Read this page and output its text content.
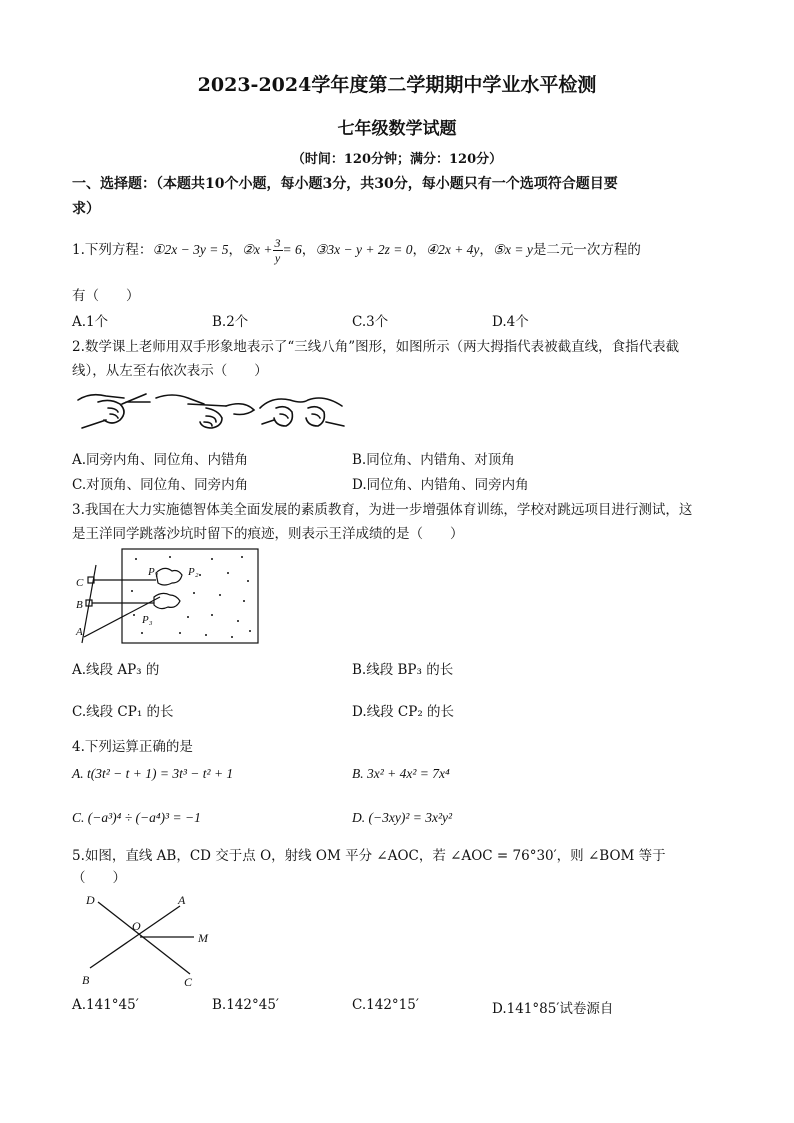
2023-2024学年度第二学期期中学业水平检测
七年级数学试题
（时间：120分钟；满分：120分）
一、选择题：（本题共10个小题，每小题3分，共30分，每小题只有一个选项符合题目要
求）
1.下列方程：①2x − 3y = 5，②x + $\frac{3}{y} = 6$，③3x − y + 2z = 0，④2x + 4y，⑤x = y是二元一次方程的
有（　　）
A.1个	B.2个	C.3个	D.4个
2.数学课上老师用双手形象地表示了“三线八角”图形，如图所示（两大拇指代表被截直线，食指代表截
线），从左至右依次表示（　　）
A.同旁内角、同位角、内错角	B.同位角、内错角、对顶角
C.对顶角、同位角、同旁内角	D.同位角、内错角、同旁内角
3.我国在大力实施德智体美全面发展的素质教育，为进一步增强体育训练，学校对跳远项目进行测试，这
是王洋同学跳落沙坑时留下的痕迹，则表示王洋成绩的是（　　）
C
B
A
P₁	P₂
P₃
A.线段 AP₃ 的	B.线段 BP₃ 的长
C.线段 CP₁ 的长	D.线段 CP₂ 的长
4.下列运算正确的是
A. t(3t² − t + 1) = 3t³ − t² + 1	B. 3x² + 4x² = 7x⁴
C. (−a³)⁴ ÷ (−a⁴)³ = −1	D. (−3xy)² = 3x²y²
5.如图，直线 AB，CD 交于点 O，射线 OM 平分 ∠AOC，若 ∠AOC = 76°30′，则 ∠BOM 等于
（　　）
D	A
O
M
B	C
A.141°45′	B.142°45′	C.142°15′	D.141°85′试卷源自
